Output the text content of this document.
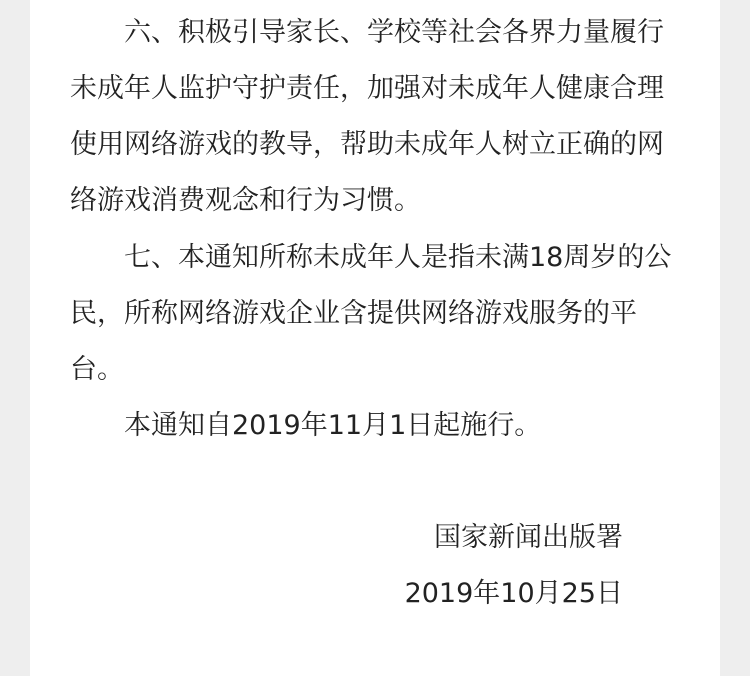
六、积极引导家长、学校等社会各界力量履行未成年人监护守护责任，加强对未成年人健康合理使用网络游戏的教导，帮助未成年人树立正确的网络游戏消费观念和行为习惯。

七、本通知所称未成年人是指未满18周岁的公民，所称网络游戏企业含提供网络游戏服务的平台。

本通知自2019年11月1日起施行。

国家新闻出版署

2019年10月25日
